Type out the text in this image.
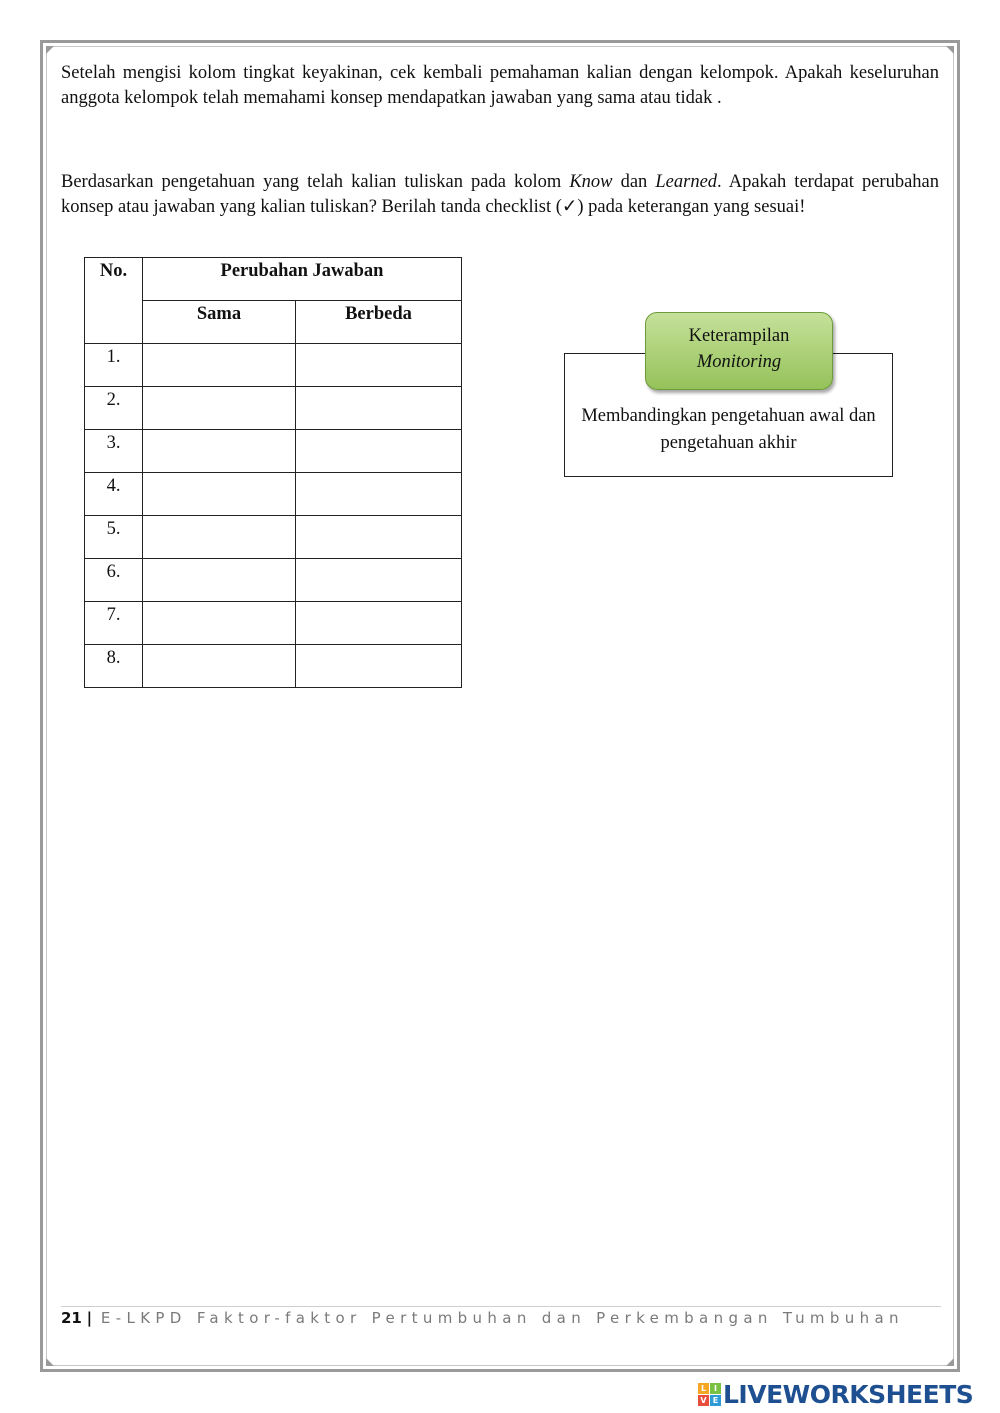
Setelah mengisi kolom tingkat keyakinan, cek kembali pemahaman kalian dengan kelompok. Apakah keseluruhan anggota kelompok telah memahami konsep mendapatkan jawaban yang sama atau tidak .

Berdasarkan pengetahuan yang telah kalian tuliskan pada kolom Know dan Learned. Apakah terdapat perubahan konsep atau jawaban yang kalian tuliskan? Berilah tanda checklist (✓) pada keterangan yang sesuai!

No.	Perubahan Jawaban	
	Sama	Berbeda
1.		
2.		
3.		
4.		
5.		
6.		
7.		
8.		
Membandingkan pengetahuan awal dan pengetahuan akhir
Keterampilan
Monitoring
21 | E-LKPD Faktor-faktor Pertumbuhan dan Perkembangan Tumbuhan
L I
V E LIVEWORKSHEETS
